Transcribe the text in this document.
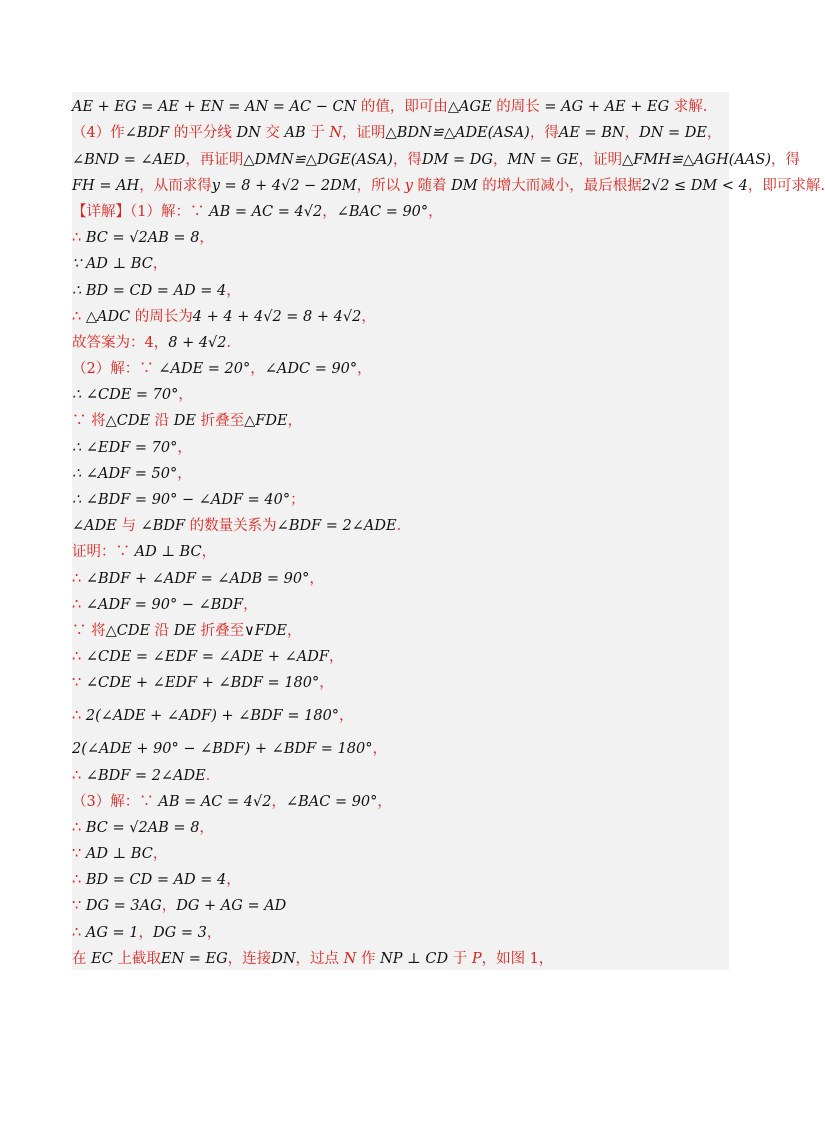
AE + EG = AE + EN = AN = AC − CN 的值，即可由△AGE 的周长 = AG + AE + EG 求解.
（4）作∠BDF 的平分线 DN 交 AB 于 N，证明△BDN≌△ADE(ASA)，得AE = BN，DN = DE，
∠BND = ∠AED，再证明△DMN≌△DGE(ASA)，得DM = DG，MN = GE，证明△FMH≌△AGH(AAS)，得
FH = AH，从而求得y = 8 + 4√2 − 2DM，所以 y 随着 DM 的增大而减小，最后根据2√2 ≤ DM < 4，即可求解.
【详解】（1）解：∵ AB = AC = 4√2，∠BAC = 90°，
∴ BC = √2AB = 8，
∵ AD ⊥ BC，
∴ BD = CD = AD = 4，
∴ △ADC 的周长为4 + 4 + 4√2 = 8 + 4√2，
故答案为：4，8 + 4√2．
（2）解：∵ ∠ADE = 20°，∠ADC = 90°，
∴ ∠CDE = 70°，
∵ 将△CDE 沿 DE 折叠至△FDE，
∴ ∠EDF = 70°，
∴ ∠ADF = 50°，
∴ ∠BDF = 90° − ∠ADF = 40°；
∠ADE 与 ∠BDF 的数量关系为∠BDF = 2∠ADE．
证明：∵ AD ⊥ BC，
∴ ∠BDF + ∠ADF = ∠ADB = 90°，
∴ ∠ADF = 90° − ∠BDF，
∵ 将△CDE 沿 DE 折叠至∨FDE，
∴ ∠CDE = ∠EDF = ∠ADE + ∠ADF，
∵ ∠CDE + ∠EDF + ∠BDF = 180°，
∴ 2(∠ADE + ∠ADF) + ∠BDF = 180°，
2(∠ADE + 90° − ∠BDF) + ∠BDF = 180°，
∴ ∠BDF = 2∠ADE．
（3）解：∵ AB = AC = 4√2，∠BAC = 90°，
∴ BC = √2AB = 8，
∵ AD ⊥ BC，
∴ BD = CD = AD = 4，
∵ DG = 3AG，DG + AG = AD
∴ AG = 1，DG = 3，
在 EC 上截取EN = EG，连接DN，过点 N 作 NP ⊥ CD 于 P，如图 1，
